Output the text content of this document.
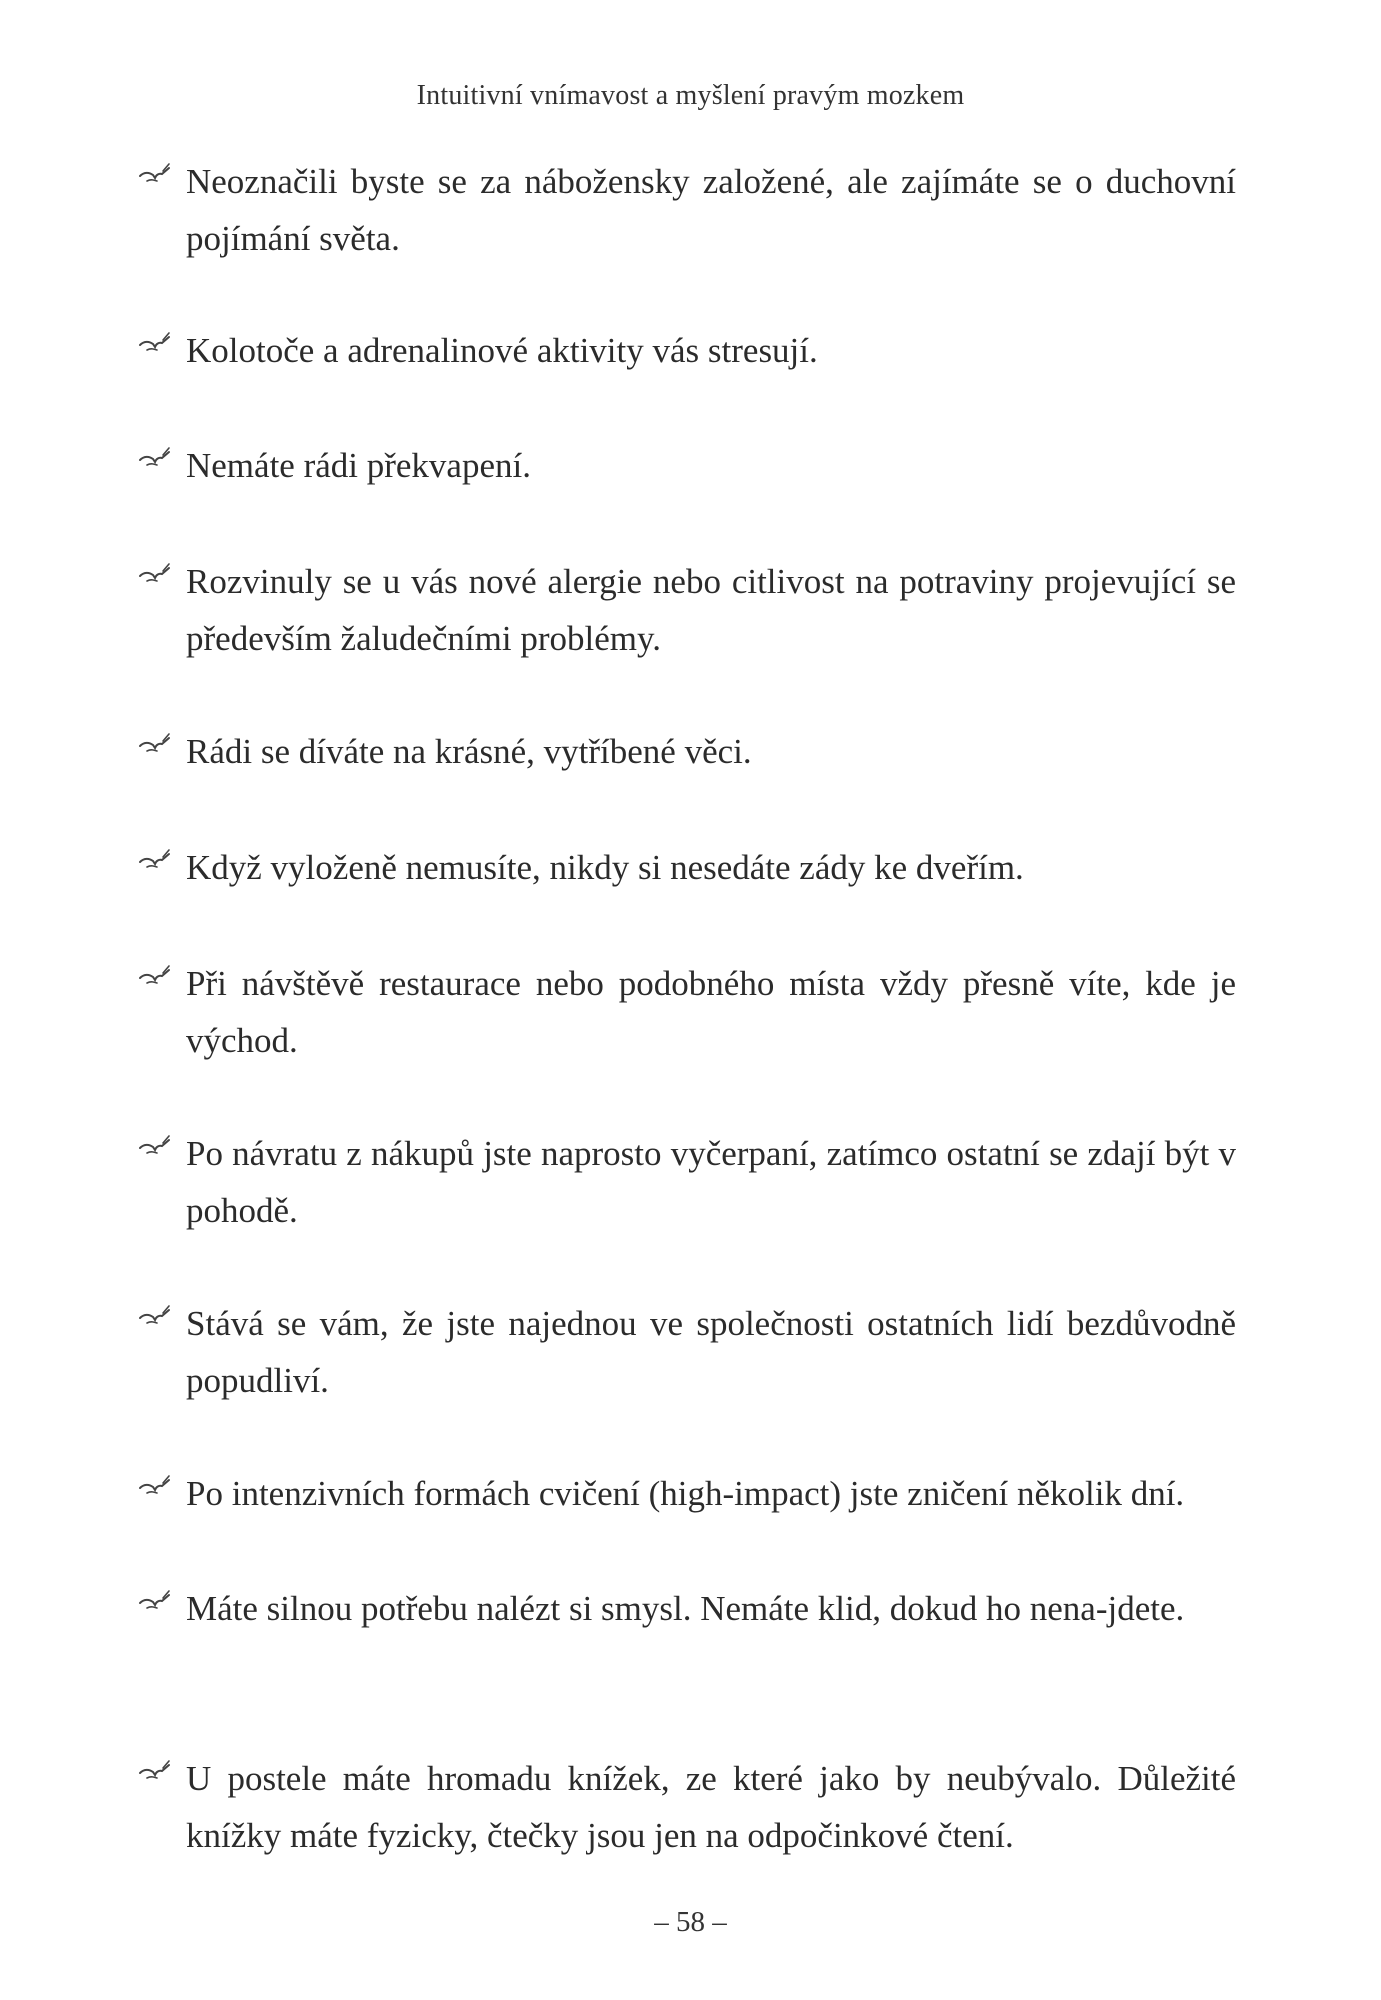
Intuitivní vnímavost a myšlení pravým mozkem
Neoznačili byste se za nábožensky založené, ale zajímáte se o duchovní pojímání světa.
Kolotoče a adrenalinové aktivity vás stresují.
Nemáte rádi překvapení.
Rozvinuly se u vás nové alergie nebo citlivost na potraviny projevující se především žaludečními problémy.
Rádi se díváte na krásné, vytříbené věci.
Když vyloženě nemusíte, nikdy si nesedáte zády ke dveřím.
Při návštěvě restaurace nebo podobného místa vždy přesně víte, kde je východ.
Po návratu z nákupů jste naprosto vyčerpaní, zatímco ostatní se zdají být v pohodě.
Stává se vám, že jste najednou ve společnosti ostatních lidí bezdůvodně popudliví.
Po intenzivních formách cvičení (high-impact) jste zničení několik dní.
Máte silnou potřebu nalézt si smysl. Nemáte klid, dokud ho nena-jdete.
U postele máte hromadu knížek, ze které jako by neubývalo. Důležité knížky máte fyzicky, čtečky jsou jen na odpočinkové čtení.
– 58 –
